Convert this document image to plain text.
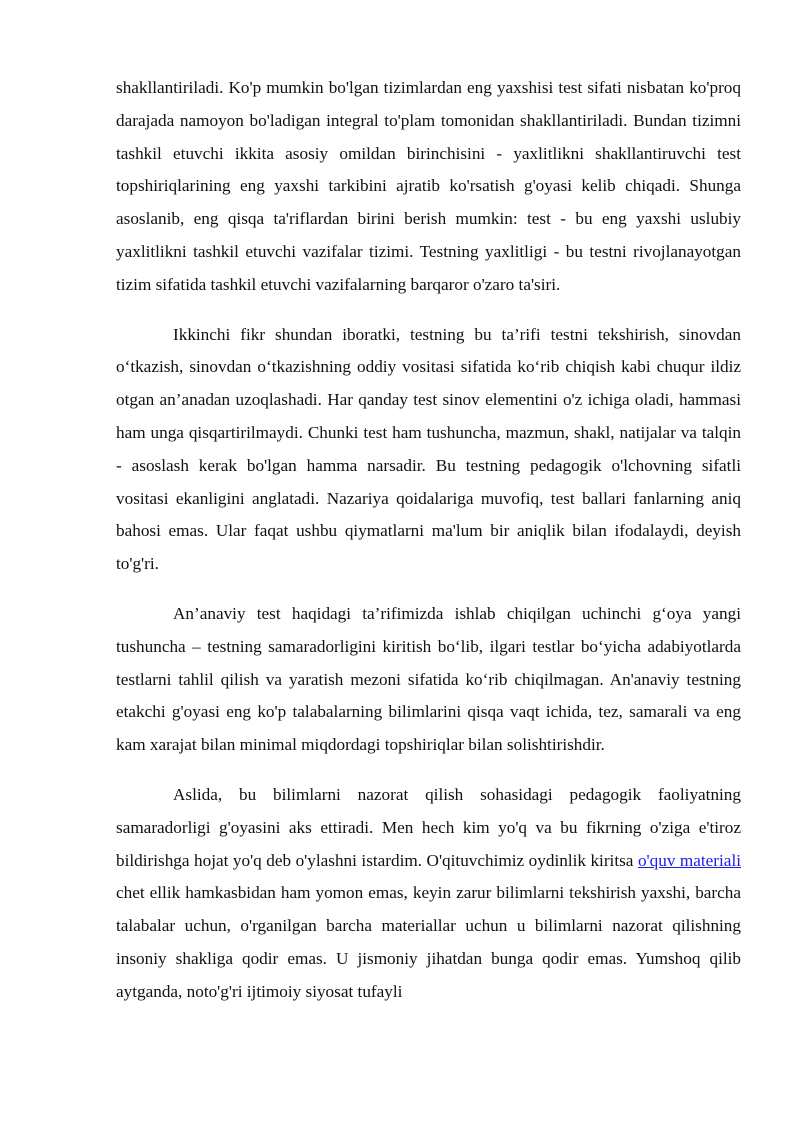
shakllantiriladi. Ko'p mumkin bo'lgan tizimlardan eng yaxshisi test sifati nisbatan ko'proq darajada namoyon bo'ladigan integral to'plam tomonidan shakllantiriladi. Bundan tizimni tashkil etuvchi ikkita asosiy omildan birinchisini - yaxlitlikni shakllantiruvchi test topshiriqlarining eng yaxshi tarkibini ajratib ko'rsatish g'oyasi kelib chiqadi. Shunga asoslanib, eng qisqa ta'riflardan birini berish mumkin: test - bu eng yaxshi uslubiy yaxlitlikni tashkil etuvchi vazifalar tizimi. Testning yaxlitligi - bu testni rivojlanayotgan tizim sifatida tashkil etuvchi vazifalarning barqaror o'zaro ta'siri.

Ikkinchi fikr shundan iboratki, testning bu ta’rifi testni tekshirish, sinovdan o‘tkazish, sinovdan o‘tkazishning oddiy vositasi sifatida ko‘rib chiqish kabi chuqur ildiz otgan an’anadan uzoqlashadi. Har qanday test sinov elementini o'z ichiga oladi, hammasi ham unga qisqartirilmaydi. Chunki test ham tushuncha, mazmun, shakl, natijalar va talqin - asoslash kerak bo'lgan hamma narsadir. Bu testning pedagogik o'lchovning sifatli vositasi ekanligini anglatadi. Nazariya qoidalariga muvofiq, test ballari fanlarning aniq bahosi emas. Ular faqat ushbu qiymatlarni ma'lum bir aniqlik bilan ifodalaydi, deyish to'g'ri.

An’anaviy test haqidagi ta’rifimizda ishlab chiqilgan uchinchi g‘oya yangi tushuncha – testning samaradorligini kiritish bo‘lib, ilgari testlar bo‘yicha adabiyotlarda testlarni tahlil qilish va yaratish mezoni sifatida ko‘rib chiqilmagan. An'anaviy testning etakchi g'oyasi eng ko'p talabalarning bilimlarini qisqa vaqt ichida, tez, samarali va eng kam xarajat bilan minimal miqdordagi topshiriqlar bilan solishtirishdir.

Aslida, bu bilimlarni nazorat qilish sohasidagi pedagogik faoliyatning samaradorligi g'oyasini aks ettiradi. Men hech kim yo'q va bu fikrning o'ziga e'tiroz bildirishga hojat yo'q deb o'ylashni istardim. O'qituvchimiz oydinlik kiritsa o'quv materiali chet ellik hamkasbidan ham yomon emas, keyin zarur bilimlarni tekshirish yaxshi, barcha talabalar uchun, o'rganilgan barcha materiallar uchun u bilimlarni nazorat qilishning insoniy shakliga qodir emas. U jismoniy jihatdan bunga qodir emas. Yumshoq qilib aytganda, noto'g'ri ijtimoiy siyosat tufayli
